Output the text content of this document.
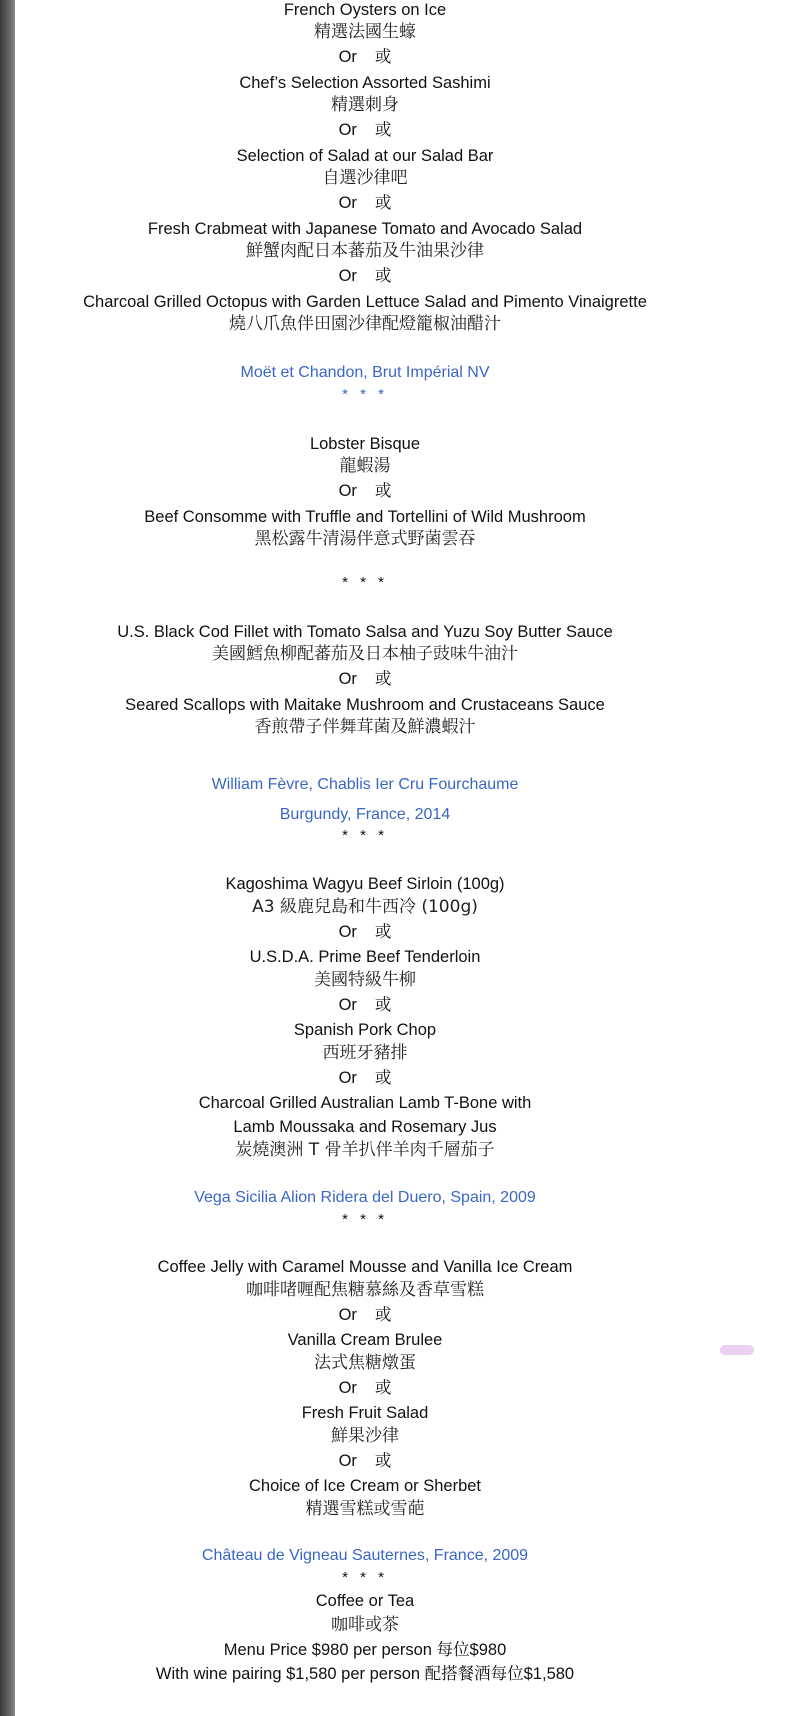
French Oysters on Ice
精選法國生蠔
Or 或
Chef’s Selection Assorted Sashimi
精選刺身
Or 或
Selection of Salad at our Salad Bar
自選沙律吧
Or 或
Fresh Crabmeat with Japanese Tomato and Avocado Salad
鮮蟹肉配日本蕃茄及牛油果沙律
Or 或
Charcoal Grilled Octopus with Garden Lettuce Salad and Pimento Vinaigrette
燒八爪魚伴田園沙律配燈籠椒油醋汁
Moët et Chandon, Brut Impérial NV
* * *
Lobster Bisque
龍蝦湯
Or 或
Beef Consomme with Truffle and Tortellini of Wild Mushroom
黑松露牛清湯伴意式野菌雲吞
* * *
U.S. Black Cod Fillet with Tomato Salsa and Yuzu Soy Butter Sauce
美國鱈魚柳配蕃茄及日本柚子豉味牛油汁
Or 或
Seared Scallops with Maitake Mushroom and Crustaceans Sauce
香煎帶子伴舞茸菌及鮮濃蝦汁
William Fèvre, Chablis Ier Cru Fourchaume
Burgundy, France, 2014
* * *
Kagoshima Wagyu Beef Sirloin (100g)
A3 級鹿兒島和牛西冷 (100g)
Or 或
U.S.D.A. Prime Beef Tenderloin
美國特級牛柳
Or 或
Spanish Pork Chop
西班牙豬排
Or 或
Charcoal Grilled Australian Lamb T-Bone with
Lamb Moussaka and Rosemary Jus
炭燒澳洲 T 骨羊扒伴羊肉千層茄子
Vega Sicilia Alion Ridera del Duero, Spain, 2009
* * *
Coffee Jelly with Caramel Mousse and Vanilla Ice Cream
咖啡啫喱配焦糖慕絲及香草雪糕
Or 或
Vanilla Cream Brulee
法式焦糖燉蛋
Or 或
Fresh Fruit Salad
鮮果沙律
Or 或
Choice of Ice Cream or Sherbet
精選雪糕或雪葩
Château de Vigneau Sauternes, France, 2009
* * *
Coffee or Tea
咖啡或茶
Menu Price $980 per person 每位$980
With wine pairing $1,580 per person 配搭餐酒每位$1,580
